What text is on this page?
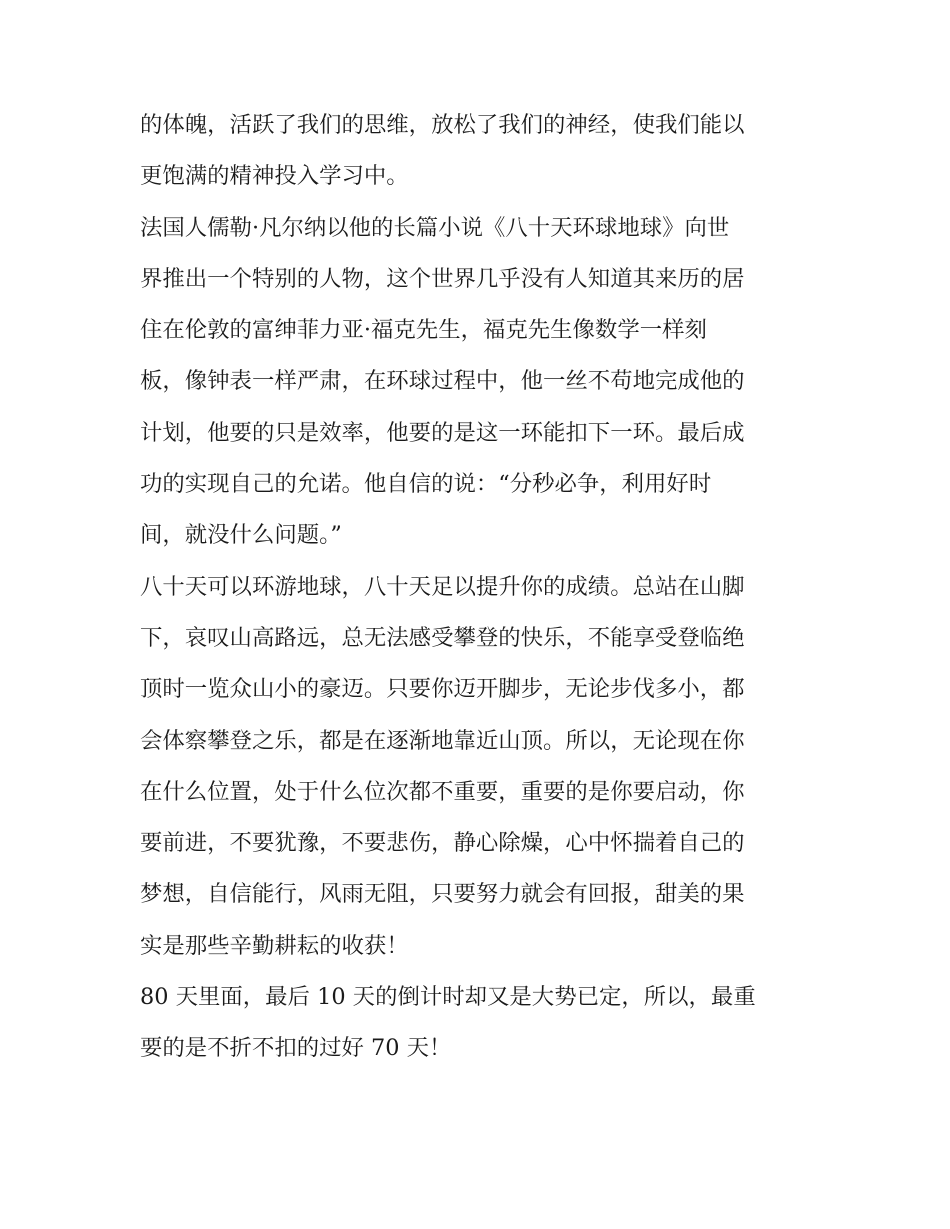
的体魄，活跃了我们的思维，放松了我们的神经，使我们能以
更饱满的精神投入学习中。
法国人儒勒·凡尔纳以他的长篇小说《八十天环球地球》向世
界推出一个特别的人物，这个世界几乎没有人知道其来历的居
住在伦敦的富绅菲力亚·福克先生，福克先生像数学一样刻
板，像钟表一样严肃，在环球过程中，他一丝不苟地完成他的
计划，他要的只是效率，他要的是这一环能扣下一环。最后成
功的实现自己的允诺。他自信的说：“分秒必争，利用好时
间，就没什么问题。”
八十天可以环游地球，八十天足以提升你的成绩。总站在山脚
下，哀叹山高路远，总无法感受攀登的快乐，不能享受登临绝
顶时一览众山小的豪迈。只要你迈开脚步，无论步伐多小，都
会体察攀登之乐，都是在逐渐地靠近山顶。所以，无论现在你
在什么位置，处于什么位次都不重要，重要的是你要启动，你
要前进，不要犹豫，不要悲伤，静心除燥，心中怀揣着自己的
梦想，自信能行，风雨无阻，只要努力就会有回报，甜美的果
实是那些辛勤耕耘的收获！
80 天里面，最后 10 天的倒计时却又是大势已定，所以，最重
要的是不折不扣的过好 70 天！
